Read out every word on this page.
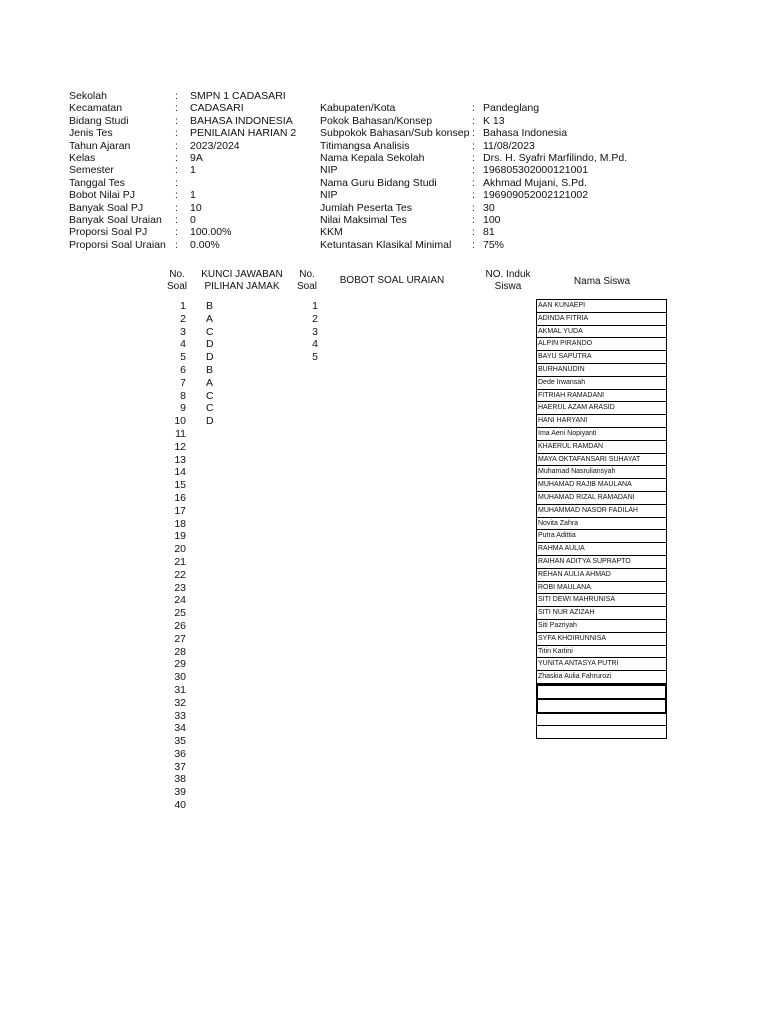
Sekolah
Kecamatan
Bidang Studi
Jenis Tes
Tahun Ajaran
Kelas
Semester
Tanggal Tes
Bobot Nilai PJ
Banyak Soal PJ
Banyak Soal Uraian
Proporsi Soal PJ
Proporsi Soal Uraian
:
:
:
:
:
:
:
:
:
:
:
:
:
SMPN 1 CADASARI
CADASARI
BAHASA INDONESIA
PENILAIAN HARIAN 2
2023/2024
9A
1
1
10
0
100.00%
0.00%
Kabupaten/Kota
Pokok Bahasan/Konsep
Subpokok Bahasan/Sub konsep
Titimangsa Analisis
Nama Kepala Sekolah
NIP
Nama Guru Bidang Studi
NIP
Jumlah Peserta Tes
Nilai Maksimal Tes
KKM
Ketuntasan Klasikal Minimal
:
:
:
:
:
:
:
:
:
:
:
:
Pandeglang
K 13
Bahasa Indonesia
11/08/2023
Drs. H. Syafri Marfilindo, M.Pd.
196805302000121001
Akhmad Mujani, S.Pd.
196909052002121002
30
100
81
75%
No.
Soal
KUNCI JAWABAN
PILIHAN JAMAK
No.
Soal
BOBOT SOAL URAIAN
NO. Induk
Siswa	Nama Siswa
1
2
3
4
5
6
7
8
9
10
11
12
13
14
15
16
17
18
19
20
21
22
23
24
25
26
27
28
29
30
31
32
33
34
35
36
37
38
39
40
B
A
C
D
D
B
A
C
C
D
1
2
3
4
5
AAN KUNAEPI
ADINDA FITRIA
AKMAL YUDA
ALPIN PIRANDO
BAYU SAPUTRA
BURHANUDIN
Dede Irwansah
FITRIAH RAMADANI
HAERUL AZAM ARASID
HANI HARYANI
Ima Aeni Nopiyanti
KHAERUL RAMDAN
MAYA OKTAFANSARI SUHAYAT
Muhamad Nasruliansyah
MUHAMAD RAJIB MAULANA
MUHAMAD RIZAL RAMADANI
MUHAMMAD NASOR FADILAH
Novita Zahra
Putra Adittia
RAHMA AULIA
RAIHAN ADITYA SUPRAPTO
REHAN AULIA AHMAD
ROBI MAULANA
SITI DEWI MAHRUNISA
SITI NUR AZIZAH
Siti Pazriyah
SYFA KHOIRUNNISA
Titin Kartini
YUNITA ANTASYA PUTRI
Zhaskia Aulia Fahrurozi
